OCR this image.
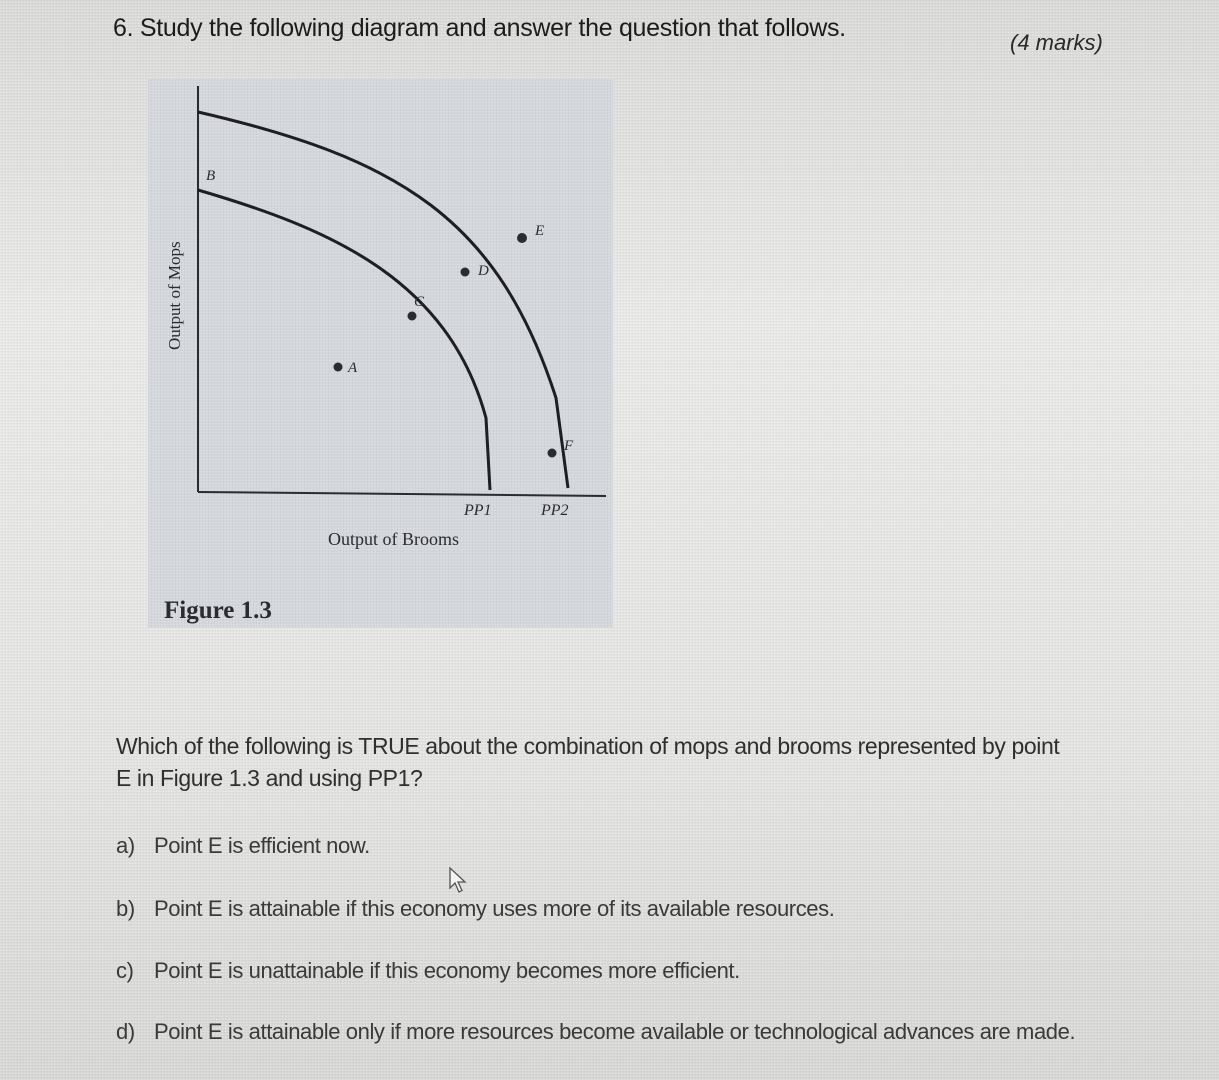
6. Study the following diagram and answer the question that follows.
(4 marks)
B
C
D
E
F
A
PP1	PP2
Output of Brooms
Output of Mops
Figure 1.3
Which of the following is TRUE about the combination of mops and brooms represented by point E in Figure 1.3 and using PP1?
a) Point E is efficient now.
b) Point E is attainable if this economy uses more of its available resources.
c) Point E is unattainable if this economy becomes more efficient.
d) Point E is attainable only if more resources become available or technological advances are made.
